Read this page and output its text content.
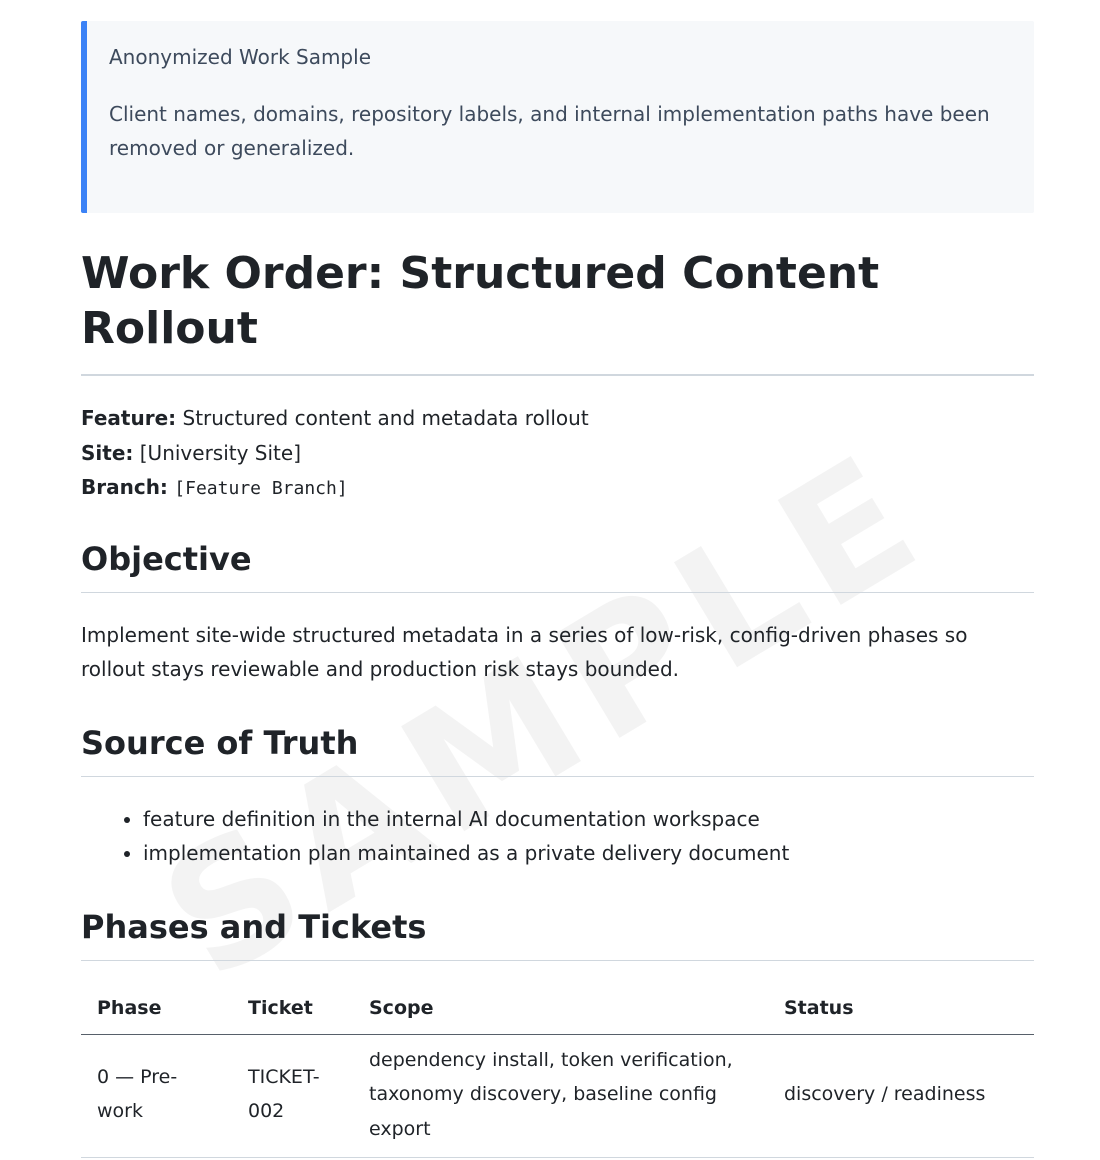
Anonymized Work Sample

Client names, domains, repository labels, and internal implementation paths have been removed or generalized.

Work Order: Structured Content Rollout
Feature: Structured content and metadata rollout
Site: [University Site]
Branch: [Feature Branch]
Objective

Implement site-wide structured metadata in a series of low-risk, config-driven phases so rollout stays reviewable and production risk stays bounded.

Source of Truth
• feature definition in the internal AI documentation workspace
• implementation plan maintained as a private delivery document
Phases and Tickets
Phase	Ticket	Scope	Status
0 — Pre-work	TICKET-002	dependency install, token verification, taxonomy discovery, baseline config export	discovery / readiness
